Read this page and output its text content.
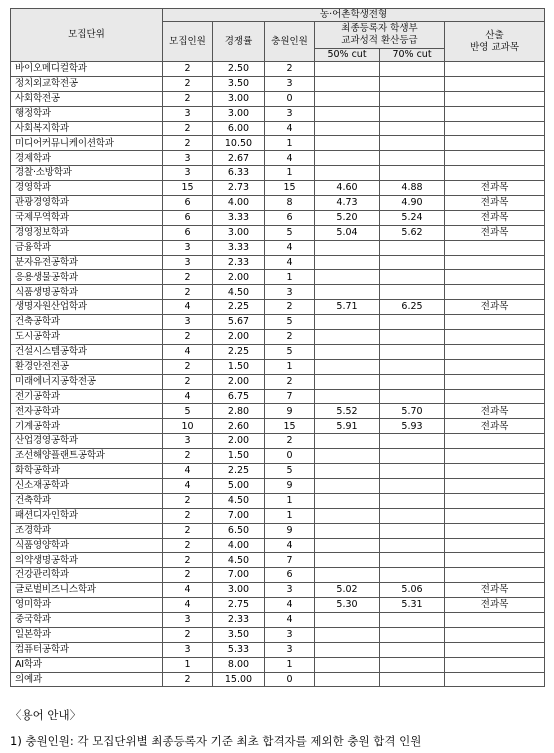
모집단위	농·어촌학생전형					
	모집인원	경쟁률	충원인원	최종등록자 학생부
교과성적 환산등급		산출
반영 교과목

				50% cut	70% cut	
바이오메디컬학과	2	2.50	2			
정치외교학전공	2	3.50	3			
사회학전공	2	3.00	0			
행정학과	3	3.00	3			
사회복지학과	2	6.00	4			
미디어커뮤니케이션학과	2	10.50	1			
경제학과	3	2.67	4			
경찰·소방학과	3	6.33	1			
경영학과	15	2.73	15	4.60	4.88	전과목
관광경영학과	6	4.00	8	4.73	4.90	전과목
국제무역학과	6	3.33	6	5.20	5.24	전과목
경영정보학과	6	3.00	5	5.04	5.62	전과목
금융학과	3	3.33	4			
분자유전공학과	3	2.33	4			
응용생물공학과	2	2.00	1			
식품생명공학과	2	4.50	3			
생명자원산업학과	4	2.25	2	5.71	6.25	전과목
건축공학과	3	5.67	5			
도시공학과	2	2.00	2			
건설시스템공학과	4	2.25	5			
환경안전전공	2	1.50	1			
미래에너지공학전공	2	2.00	2			
전기공학과	4	6.75	7			
전자공학과	5	2.80	9	5.52	5.70	전과목
기계공학과	10	2.60	15	5.91	5.93	전과목
산업경영공학과	3	2.00	2			
조선해양플랜트공학과	2	1.50	0			
화학공학과	4	2.25	5			
신소재공학과	4	5.00	9			
건축학과	2	4.50	1			
패션디자인학과	2	7.00	1			
조경학과	2	6.50	9			
식품영양학과	2	4.00	4			
의약생명공학과	2	4.50	7			
건강관리학과	2	7.00	6			
글로벌비즈니스학과	4	3.00	3	5.02	5.06	전과목
영미학과	4	2.75	4	5.30	5.31	전과목
중국학과	3	2.33	4			
일본학과	2	3.50	3			
컴퓨터공학과	3	5.33	3			
AI학과	1	8.00	1			
의예과	2	15.00	0			
〈용어 안내〉
1) 충원인원: 각 모집단위별 최종등록자 기준 최초 합격자를 제외한 충원 합격 인원
